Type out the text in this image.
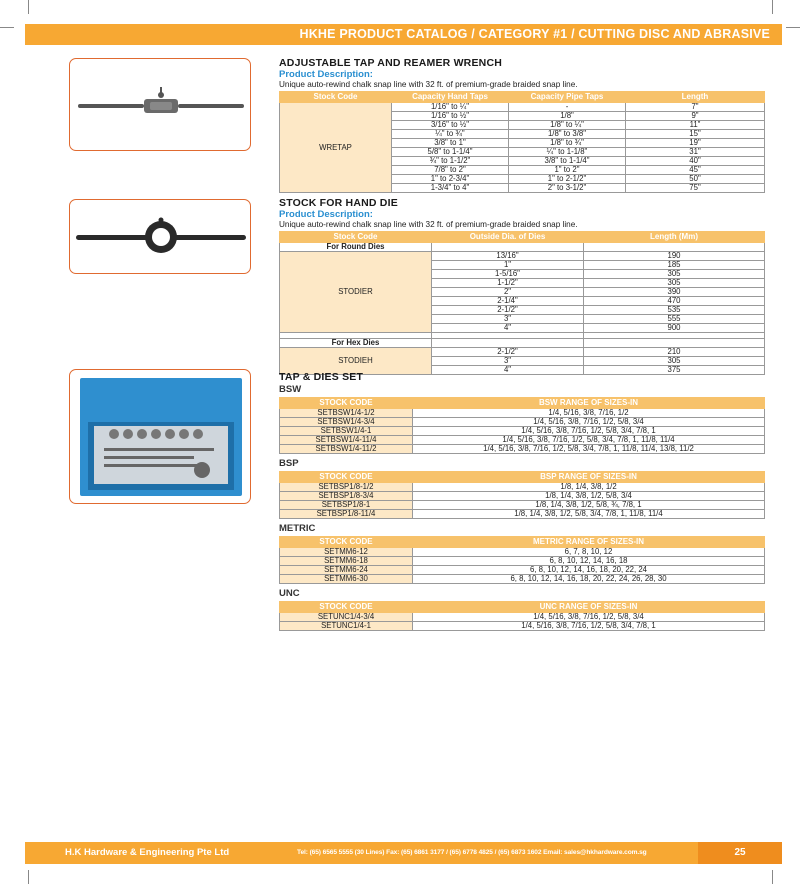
HKHE PRODUCT CATALOG / CATEGORY #1 / CUTTING DISC AND ABRASIVE
ADJUSTABLE TAP AND REAMER WRENCH
Product Description:
Unique auto-rewind chalk snap line with 32 ft. of premium-grade braided snap line.
Stock Code	Capacity Hand Taps	Capacity Pipe Taps	Length
WRETAP	1/16" to ¼"	-	7"
	1/16" to ½"	1/8"	9"
	3/16" to ½"	1/8" to ¼"	11"
	¼" to ¾"	1/8" to 3/8"	15"
	3/8" to 1"	1/8" to ¾"	19"
	5/8" to 1-1/4"	¼" to 1-1/8"	31"
	¾" to 1-1/2"	3/8" to 1-1/4"	40"
	7/8" to 2"	1" to 2"	45"
	1" to 2-3/4"	1" to 2-1/2"	50"
	1-3/4" to 4"	2" to 3-1/2"	75"
STOCK FOR HAND DIE
Product Description:
Unique auto-rewind chalk snap line with 32 ft. of premium-grade braided snap line.
Stock Code	Outside Dia. of Dies	Length (Mm)
For Round Dies		
STODIER	13/16"	190
	1"	185
	1-5/16"	305
	1-1/2"	305
	2"	390
	2-1/4"	470
	2-1/2"	535
	3"	555
	4"	900

For Hex Dies		
STODIEH	2-1/2"	210
	3"	305
	4"	375
TAP & DIES SET
BSW
STOCK CODE	BSW RANGE OF SIZES-IN
SETBSW1/4-1/2	1/4, 5/16, 3/8, 7/16, 1/2
SETBSW1/4-3/4	1/4, 5/16, 3/8, 7/16, 1/2, 5/8, 3/4
SETBSW1/4-1	1/4, 5/16, 3/8, 7/16, 1/2, 5/8, 3/4, 7/8, 1
SETBSW1/4-11/4	1/4, 5/16, 3/8, 7/16, 1/2, 5/8, 3/4, 7/8, 1, 11/8, 11/4
SETBSW1/4-11/2	1/4, 5/16, 3/8, 7/16, 1/2, 5/8, 3/4, 7/8, 1, 11/8, 11/4, 13/8, 11/2
BSP
STOCK CODE	BSP RANGE OF SIZES-IN
SETBSP1/8-1/2	1/8, 1/4, 3/8, 1/2
SETBSP1/8-3/4	1/8, 1/4, 3/8, 1/2, 5/8, 3/4
SETBSP1/8-1	1/8, 1/4, 3/8, 1/2, 5/8, ¾, 7/8, 1
SETBSP1/8-11/4	1/8, 1/4, 3/8, 1/2, 5/8, 3/4, 7/8, 1, 11/8, 11/4
METRIC
STOCK CODE	METRIC RANGE OF SIZES-IN
SETMM6-12	6, 7, 8, 10, 12
SETMM6-18	6, 8, 10, 12, 14, 16, 18
SETMM6-24	6, 8, 10, 12, 14, 16, 18, 20, 22, 24
SETMM6-30	6, 8, 10, 12, 14, 16, 18, 20, 22, 24, 26, 28, 30
UNC
STOCK CODE	UNC RANGE OF SIZES-IN
SETUNC1/4-3/4	1/4, 5/16, 3/8, 7/16, 1/2, 5/8, 3/4
SETUNC1/4-1	1/4, 5/16, 3/8, 7/16, 1/2, 5/8, 3/4, 7/8, 1
H.K Hardware & Engineering Pte Ltd	Tel: (65) 6565 5555 (30 Lines) Fax: (65) 6861 3177 / (65) 6778 4825 / (65) 6873 1602 Email: sales@hkhardware.com.sg	25
